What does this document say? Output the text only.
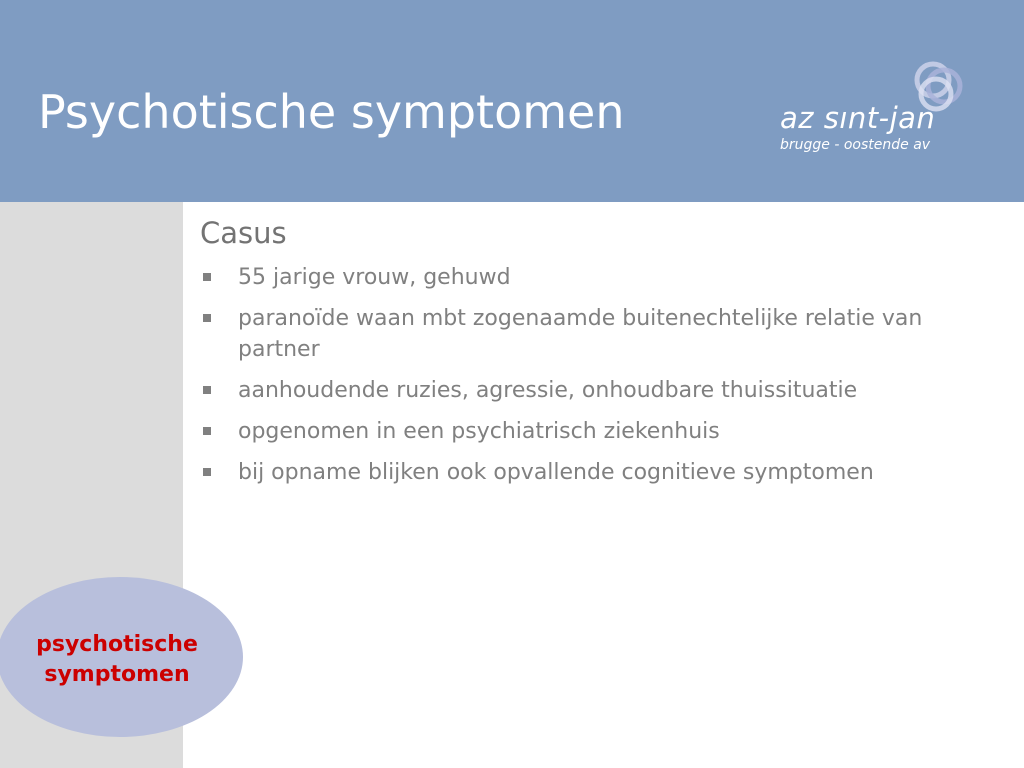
Psychotische symptomen	az sınt-jan
brugge - oostende av
psychotische
symptomen
Casus
55 jarige vrouw, gehuwd
paranoïde waan mbt zogenaamde buitenechtelijke relatie van partner
aanhoudende ruzies, agressie, onhoudbare thuissituatie
opgenomen in een psychiatrisch ziekenhuis
bij opname blijken ook opvallende cognitieve symptomen
